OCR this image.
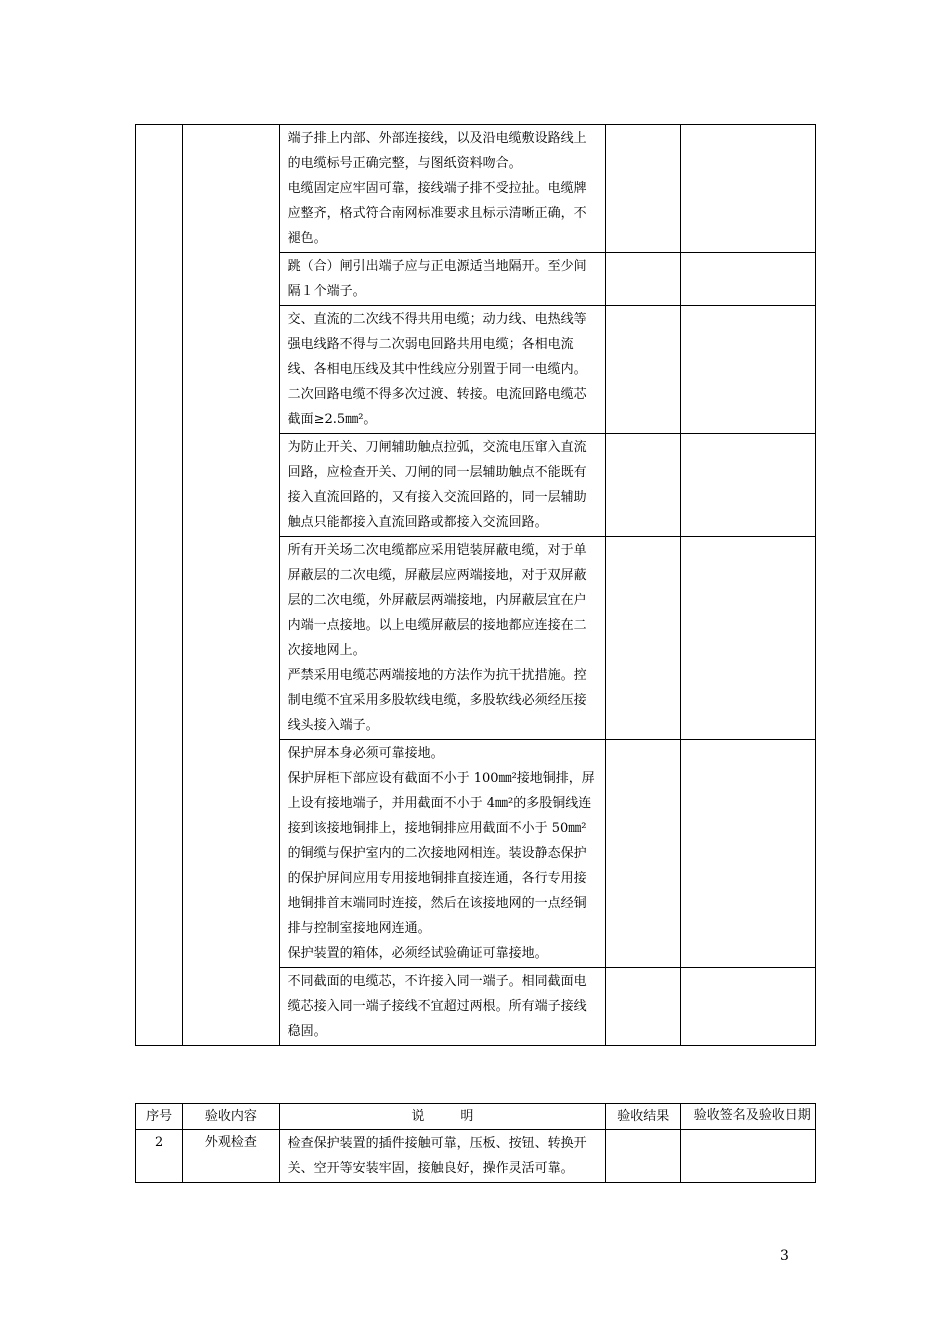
		端子排上内部、外部连接线，以及沿电缆敷设路线上的电缆标号正确完整，与图纸资料吻合。

电缆固定应牢固可靠，接线端子排不受拉扯。电缆牌应整齐，格式符合南网标准要求且标示清晰正确，不褪色。		

		跳（合）闸引出端子应与正电源适当地隔开。至少间隔１个端子。		

		交、直流的二次线不得共用电缆；动力线、电热线等强电线路不得与二次弱电回路共用电缆；各相电流线、各相电压线及其中性线应分别置于同一电缆内。二次回路电缆不得多次过渡、转接。电流回路电缆芯截面≥2.5㎜²。		

		为防止开关、刀闸辅助触点拉弧，交流电压窜入直流回路，应检查开关、刀闸的同一层辅助触点不能既有接入直流回路的，又有接入交流回路的，同一层辅助触点只能都接入直流回路或都接入交流回路。		

		所有开关场二次电缆都应采用铠装屏蔽电缆，对于单屏蔽层的二次电缆，屏蔽层应两端接地，对于双屏蔽层的二次电缆，外屏蔽层两端接地，内屏蔽层宜在户内端一点接地。以上电缆屏蔽层的接地都应连接在二次接地网上。

严禁采用电缆芯两端接地的方法作为抗干扰措施。控制电缆不宜采用多股软线电缆，多股软线必须经压接线头接入端子。		

		保护屏本身必须可靠接地。

保护屏柜下部应设有截面不小于 100㎜²接地铜排，屏上设有接地端子，并用截面不小于 4㎜²的多股铜线连接到该接地铜排上，接地铜排应用截面不小于 50㎜²的铜缆与保护室内的二次接地网相连。装设静态保护的保护屏间应用专用接地铜排直接连通，各行专用接地铜排首末端同时连接，然后在该接地网的一点经铜排与控制室接地网连通。

保护装置的箱体，必须经试验确证可靠接地。		

		不同截面的电缆芯，不许接入同一端子。相同截面电缆芯接入同一端子接线不宜超过两根。所有端子接线稳固。		

序号	验收内容	说 明	验收结果	验收签名及验收日期
2	外观检查	检查保护装置的插件接触可靠，压板、按钮、转换开关、空开等安装牢固，接触良好，操作灵活可靠。		
3
